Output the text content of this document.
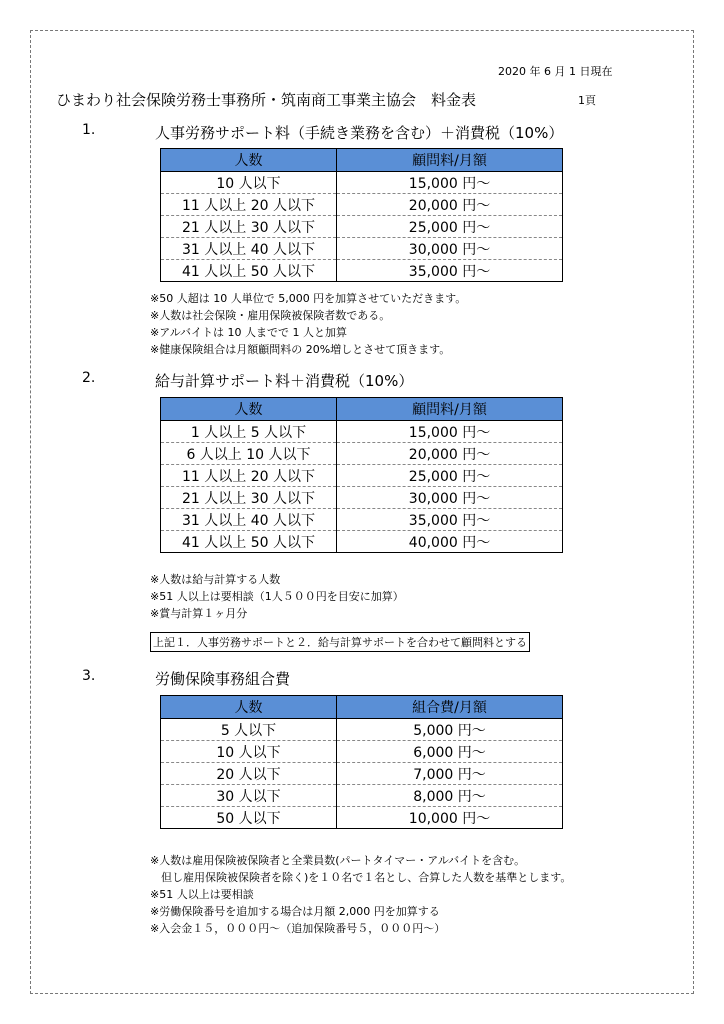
2020 年 6 月 1 日現在
ひまわり社会保険労務士事務所・筑南商工事業主協会　料金表	1頁
1.	人事労務サポート料（手続き業務を含む）＋消費税（10%）
人数	顧問料/月額
10 人以下	15,000 円〜
11 人以上 20 人以下	20,000 円〜
21 人以上 30 人以下	25,000 円〜
31 人以上 40 人以下	30,000 円〜
41 人以上 50 人以下	35,000 円〜
※50 人超は 10 人単位で 5,000 円を加算させていただきます。
※人数は社会保険・雇用保険被保険者数である。
※アルバイトは 10 人までで 1 人と加算
※健康保険組合は月額顧問料の 20%増しとさせて頂きます。
2.	給与計算サポート料＋消費税（10%）
人数	顧問料/月額
1 人以上 5 人以下	15,000 円〜
6 人以上 10 人以下	20,000 円〜
11 人以上 20 人以下	25,000 円〜
21 人以上 30 人以下	30,000 円〜
31 人以上 40 人以下	35,000 円〜
41 人以上 50 人以下	40,000 円〜
※人数は給与計算する人数
※51 人以上は要相談（1人５００円を目安に加算）
※賞与計算１ヶ月分
上記１．人事労務サポートと２．給与計算サポートを合わせて顧問料とする
3.	労働保険事務組合費
人数	組合費/月額
5 人以下	5,000 円〜
10 人以下	6,000 円〜
20 人以下	7,000 円〜
30 人以下	8,000 円〜
50 人以下	10,000 円〜
※人数は雇用保険被保険者と全業員数(パートタイマー・アルバイトを含む。
　但し雇用保険被保険者を除く)を１０名で１名とし、合算した人数を基準とします。
※51 人以上は要相談
※労働保険番号を追加する場合は月額 2,000 円を加算する
※入会金１５，０００円〜（追加保険番号５，０００円〜）
